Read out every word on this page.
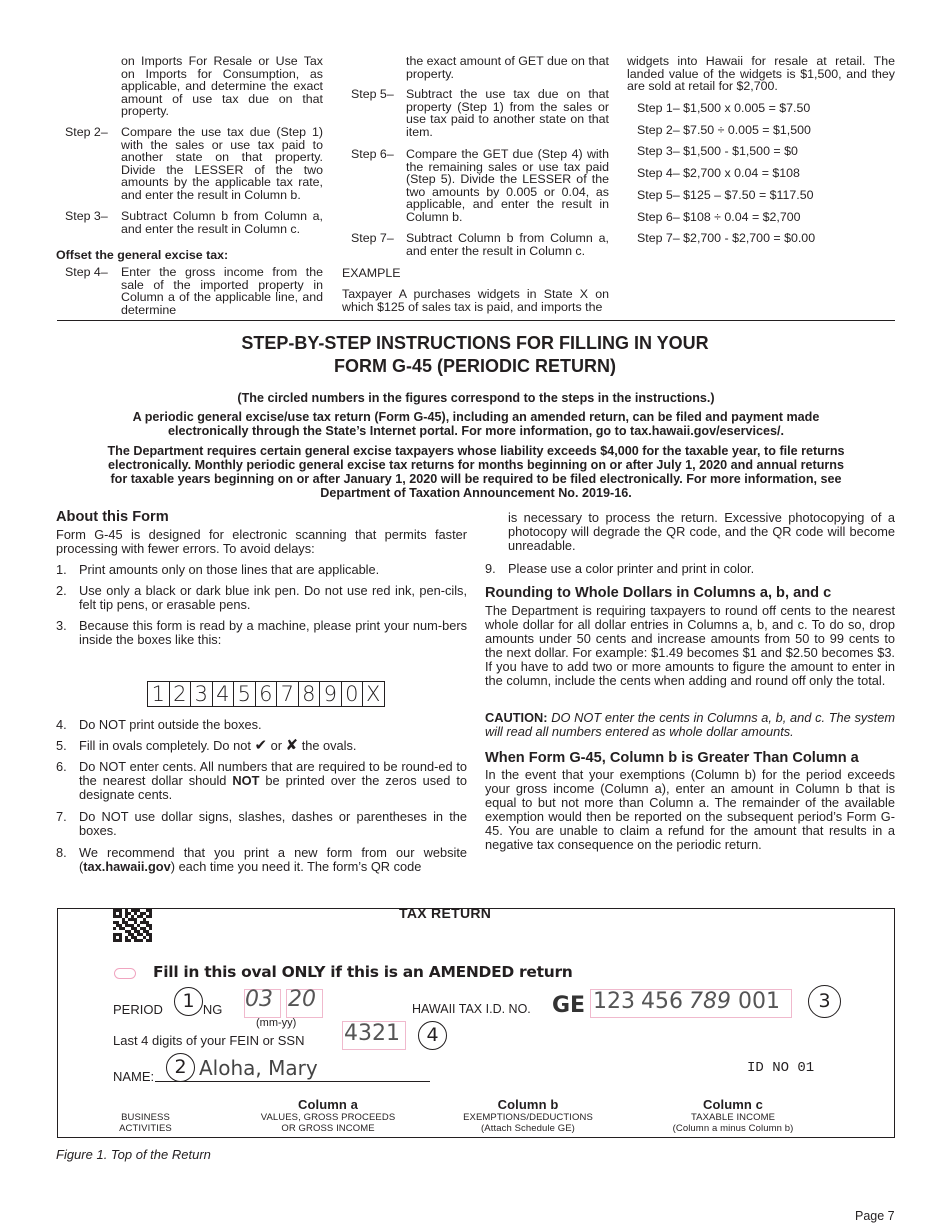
on Imports For Resale or Use Tax on Imports for Consumption, as applicable, and determine the exact amount of use tax due on that property.
Step 2– Compare the use tax due (Step 1) with the sales or use tax paid to another state on that property. Divide the LESSER of the two amounts by the applicable tax rate, and enter the result in Column b.
Step 3– Subtract Column b from Column a, and enter the result in Column c.
Offset the general excise tax:
Step 4– Enter the gross income from the sale of the imported property in Column a of the applicable line, and determine
the exact amount of GET due on that property.
Step 5– Subtract the use tax due on that property (Step 1) from the sales or use tax paid to another state on that item.
Step 6– Compare the GET due (Step 4) with the remaining sales or use tax paid (Step 5). Divide the LESSER of the two amounts by 0.005 or 0.04, as applicable, and enter the result in Column b.
Step 7– Subtract Column b from Column a, and enter the result in Column c.
EXAMPLE
Taxpayer A purchases widgets in State X on which $125 of sales tax is paid, and imports the
widgets into Hawaii for resale at retail. The landed value of the widgets is $1,500, and they are sold at retail for $2,700.
Step 1– $1,500 x 0.005 = $7.50
Step 2– $7.50 ÷ 0.005 = $1,500
Step 3– $1,500 - $1,500 = $0
Step 4– $2,700 x 0.04 = $108
Step 5– $125 – $7.50 = $117.50
Step 6– $108 ÷ 0.04 = $2,700
Step 7– $2,700 - $2,700 = $0.00
STEP-BY-STEP INSTRUCTIONS FOR FILLING IN YOUR
FORM G-45 (PERIODIC RETURN)
(The circled numbers in the figures correspond to the steps in the instructions.)
A periodic general excise/use tax return (Form G-45), including an amended return, can be filed and payment made
electronically through the State’s Internet portal. For more information, go to tax.hawaii.gov/eservices/.
The Department requires certain general excise taxpayers whose liability exceeds $4,000 for the taxable year, to file returns
electronically. Monthly periodic general excise tax returns for months beginning on or after July 1, 2020 and annual returns
for taxable years beginning on or after January 1, 2020 will be required to be filed electronically. For more information, see
Department of Taxation Announcement No. 2019-16.
About this Form
Form G-45 is designed for electronic scanning that permits faster processing with fewer errors. To avoid delays:
1. Print amounts only on those lines that are applicable.
2. Use only a black or dark blue ink pen. Do not use red ink, pen-cils, felt tip pens, or erasable pens.
3. Because this form is read by a machine, please print your num-bers inside the boxes like this:
1 2 3 4 5 6 7 8 9 0 X
4. Do NOT print outside the boxes.
5. Fill in ovals completely. Do not ✔ or ✘ the ovals.
6. Do NOT enter cents. All numbers that are required to be round-ed to the nearest dollar should NOT be printed over the zeros used to designate cents.
7. Do NOT use dollar signs, slashes, dashes or parentheses in the boxes.
8. We recommend that you print a new form from our website (tax.hawaii.gov) each time you need it. The form’s QR code
is necessary to process the return. Excessive photocopying of a photocopy will degrade the QR code, and the QR code will become unreadable.
9. Please use a color printer and print in color.
Rounding to Whole Dollars in Columns a, b, and c
The Department is requiring taxpayers to round off cents to the nearest whole dollar for all dollar entries in Columns a, b, and c. To do so, drop amounts under 50 cents and increase amounts from 50 to 99 cents to the next dollar. For example: $1.49 becomes $1 and $2.50 becomes $3. If you have to add two or more amounts to figure the amount to enter in the column, include the cents when adding and round off only the total.
CAUTION: DO NOT enter the cents in Columns a, b, and c. The system will read all numbers entered as whole dollar amounts.
When Form G-45, Column b is Greater Than Column a
In the event that your exemptions (Column b) for the period exceeds your gross income (Column a), enter an amount in Column b that is equal to but not more than Column a. The remainder of the available exemption would then be reported on the subsequent period’s Form G-45. You are unable to claim a refund for the amount that results in a negative tax consequence on the periodic return.
TAX RETURN
Fill in this oval ONLY if this is an AMENDED return
PERIOD	NG
1	03 20
(mm-yy)
HAWAII TAX I.D. NO. GE 123 456 789 001	3
Last 4 digits of your FEIN or SSN 4321	4
NAME:	2 Aloha, Mary	ID NO 01
BUSINESS
ACTIVITIES
Column a
VALUES, GROSS PROCEEDS
OR GROSS INCOME
Column b
EXEMPTIONS/DEDUCTIONS
(Attach Schedule GE)
Column c
TAXABLE INCOME
(Column a minus Column b)
Figure 1. Top of the Return
Page 7
